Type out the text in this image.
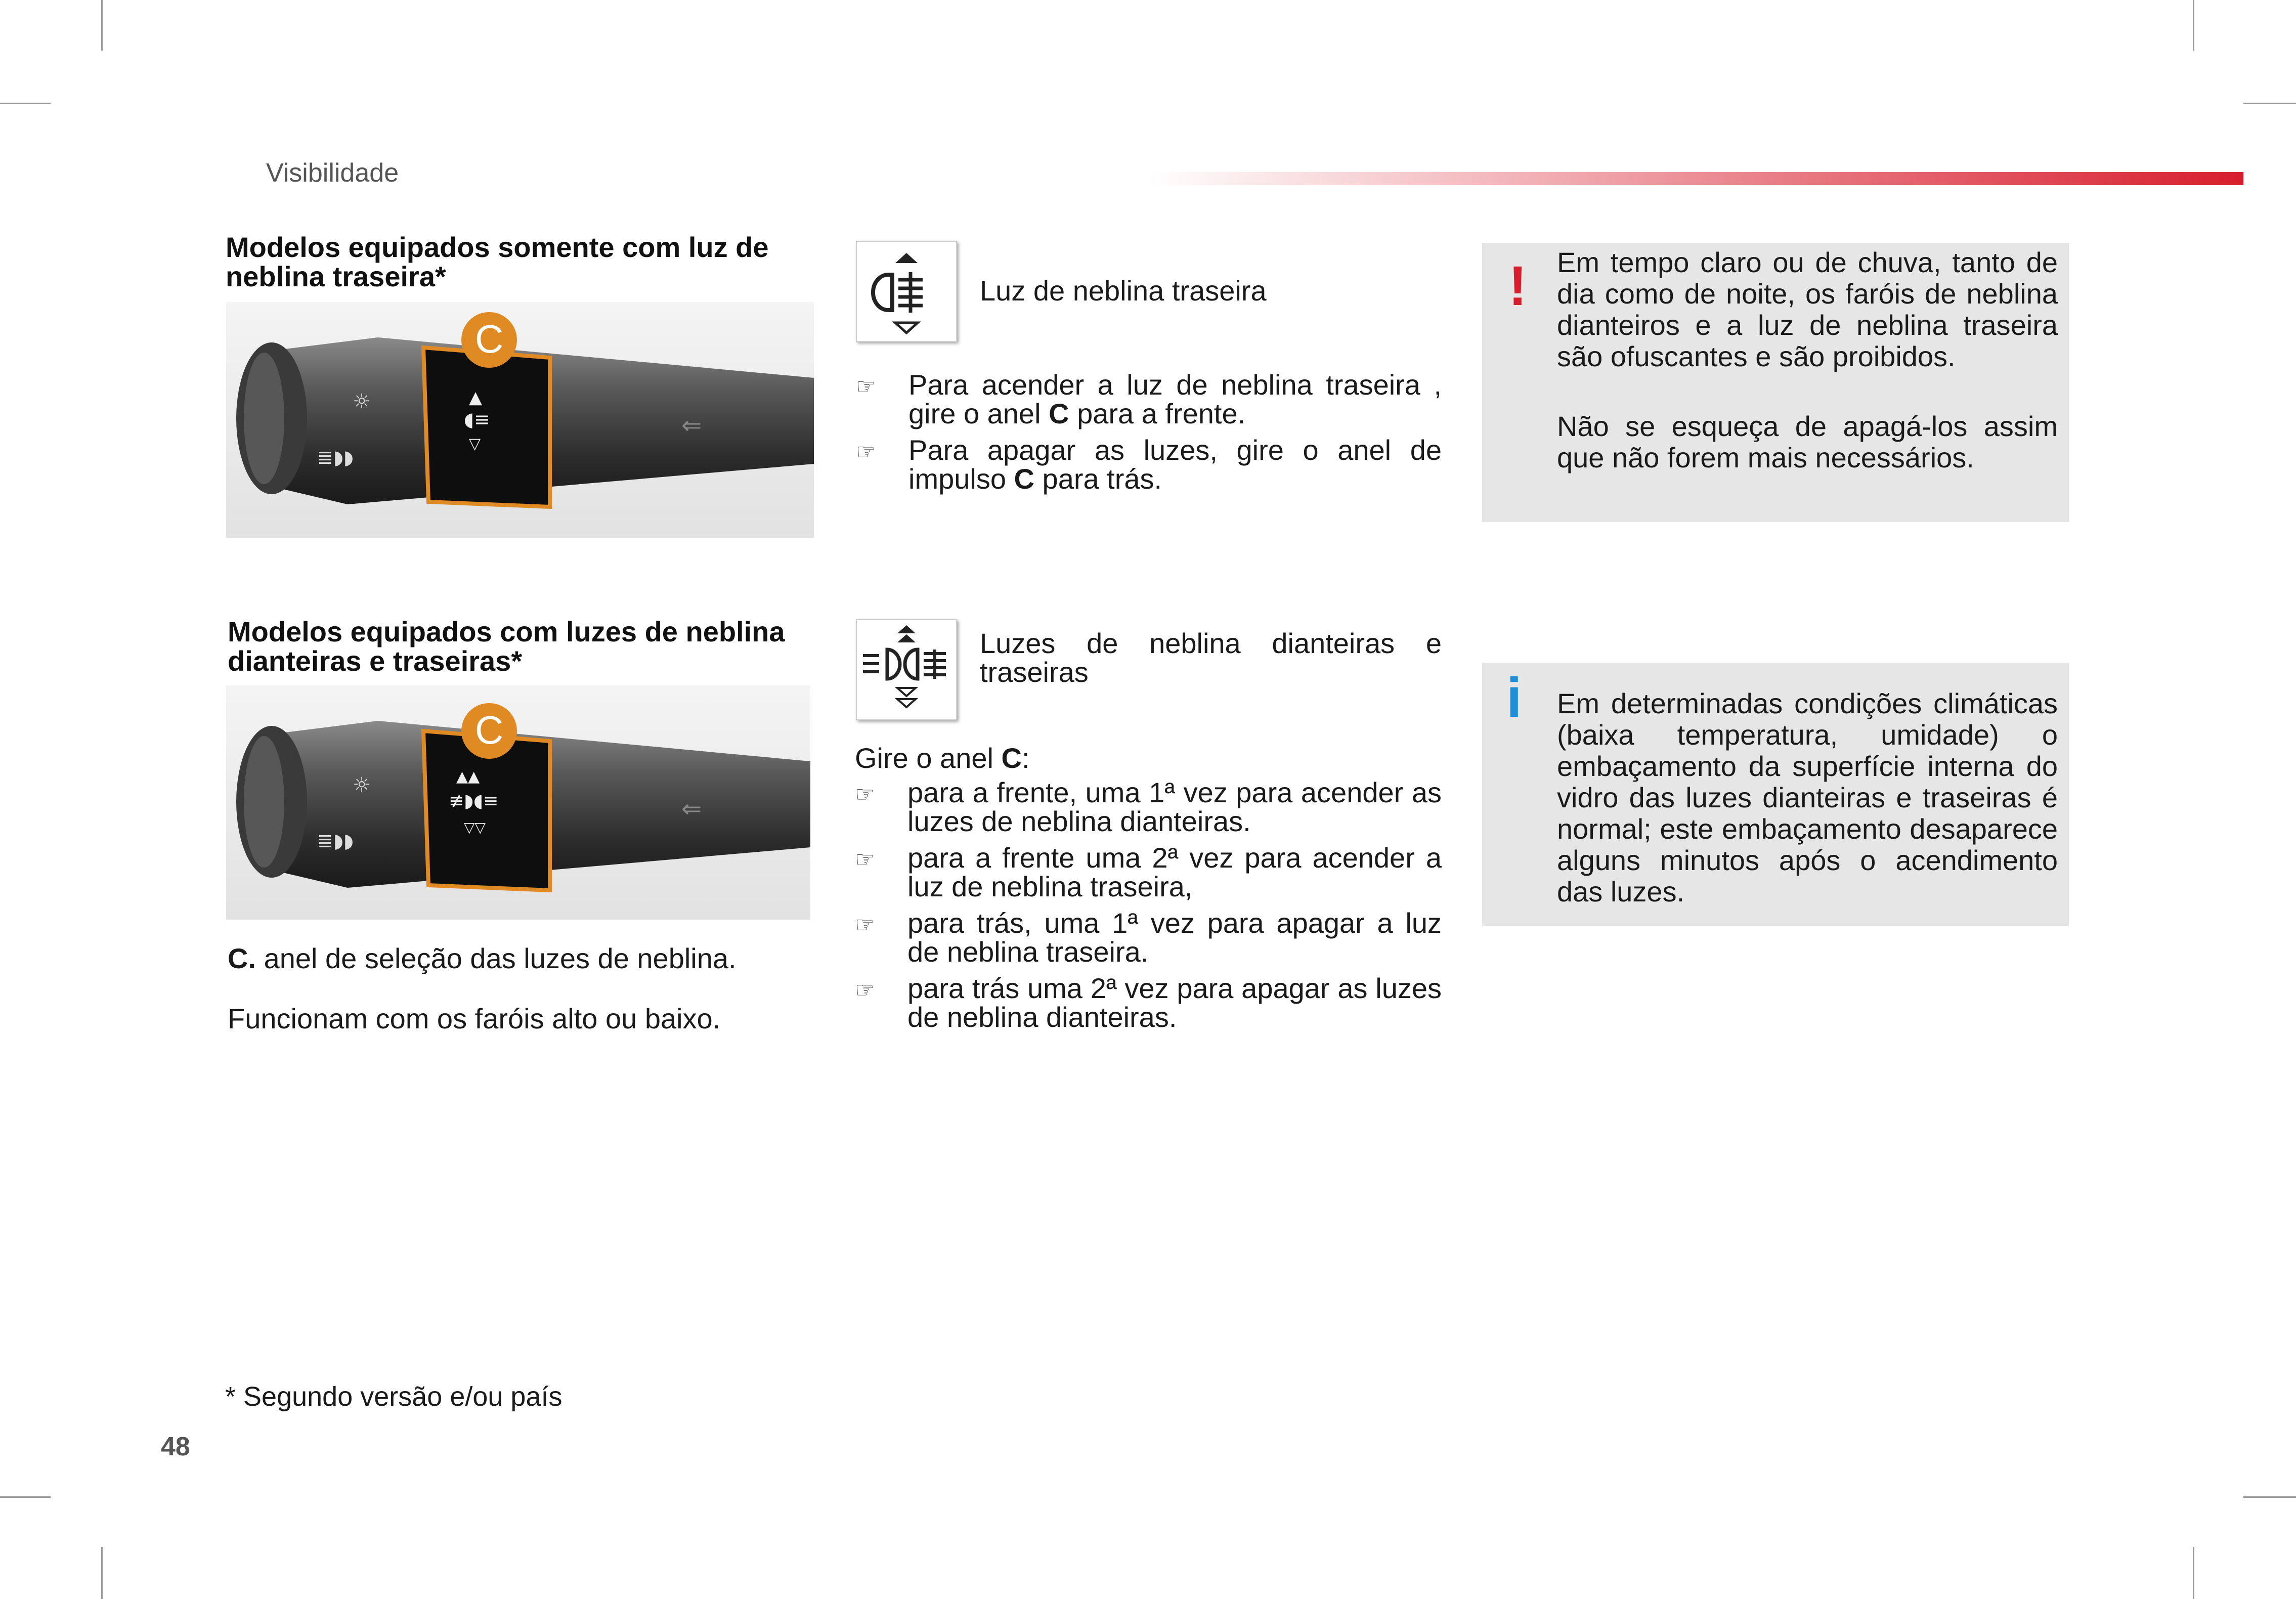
Visibilidade
Modelos equipados somente com luz de neblina traseira*
C
▲
◖≡
▽
☼
≣◗◗
⇐
Modelos equipados com luzes de neblina dianteiras e traseiras*
C
▲▲
≢◗◖≡
▽▽
☼
≣◗◗
⇐
C. anel de seleção das luzes de neblina.
Funcionam com os faróis alto ou baixo.
Luz de neblina traseira
☞ Para acender a luz de neblina traseira , gire o anel C para a frente.
☞ Para apagar as luzes, gire o anel de impulso C para trás.
Luzes de neblina dianteiras e traseiras
Gire o anel C:
☞ para a frente, uma 1ª vez para acender as luzes de neblina dianteiras.
☞ para a frente uma 2ª vez para acender a luz de neblina traseira,
☞ para trás, uma 1ª vez para apagar a luz de neblina traseira.
☞ para trás uma 2ª vez para apagar as luzes de neblina dianteiras.
! Em tempo claro ou de chuva, tanto de dia como de noite, os faróis de neblina dianteiros e a luz de neblina traseira são ofuscantes e são proibidos.
Não se esqueça de apagá-los assim que não forem mais necessários.
i Em determinadas condições climáticas (baixa temperatura, umidade) o embaçamento da superfície interna do vidro das luzes dianteiras e traseiras é normal; este embaçamento desaparece alguns minutos após o acendimento das luzes.
* Segundo versão e/ou país
48
